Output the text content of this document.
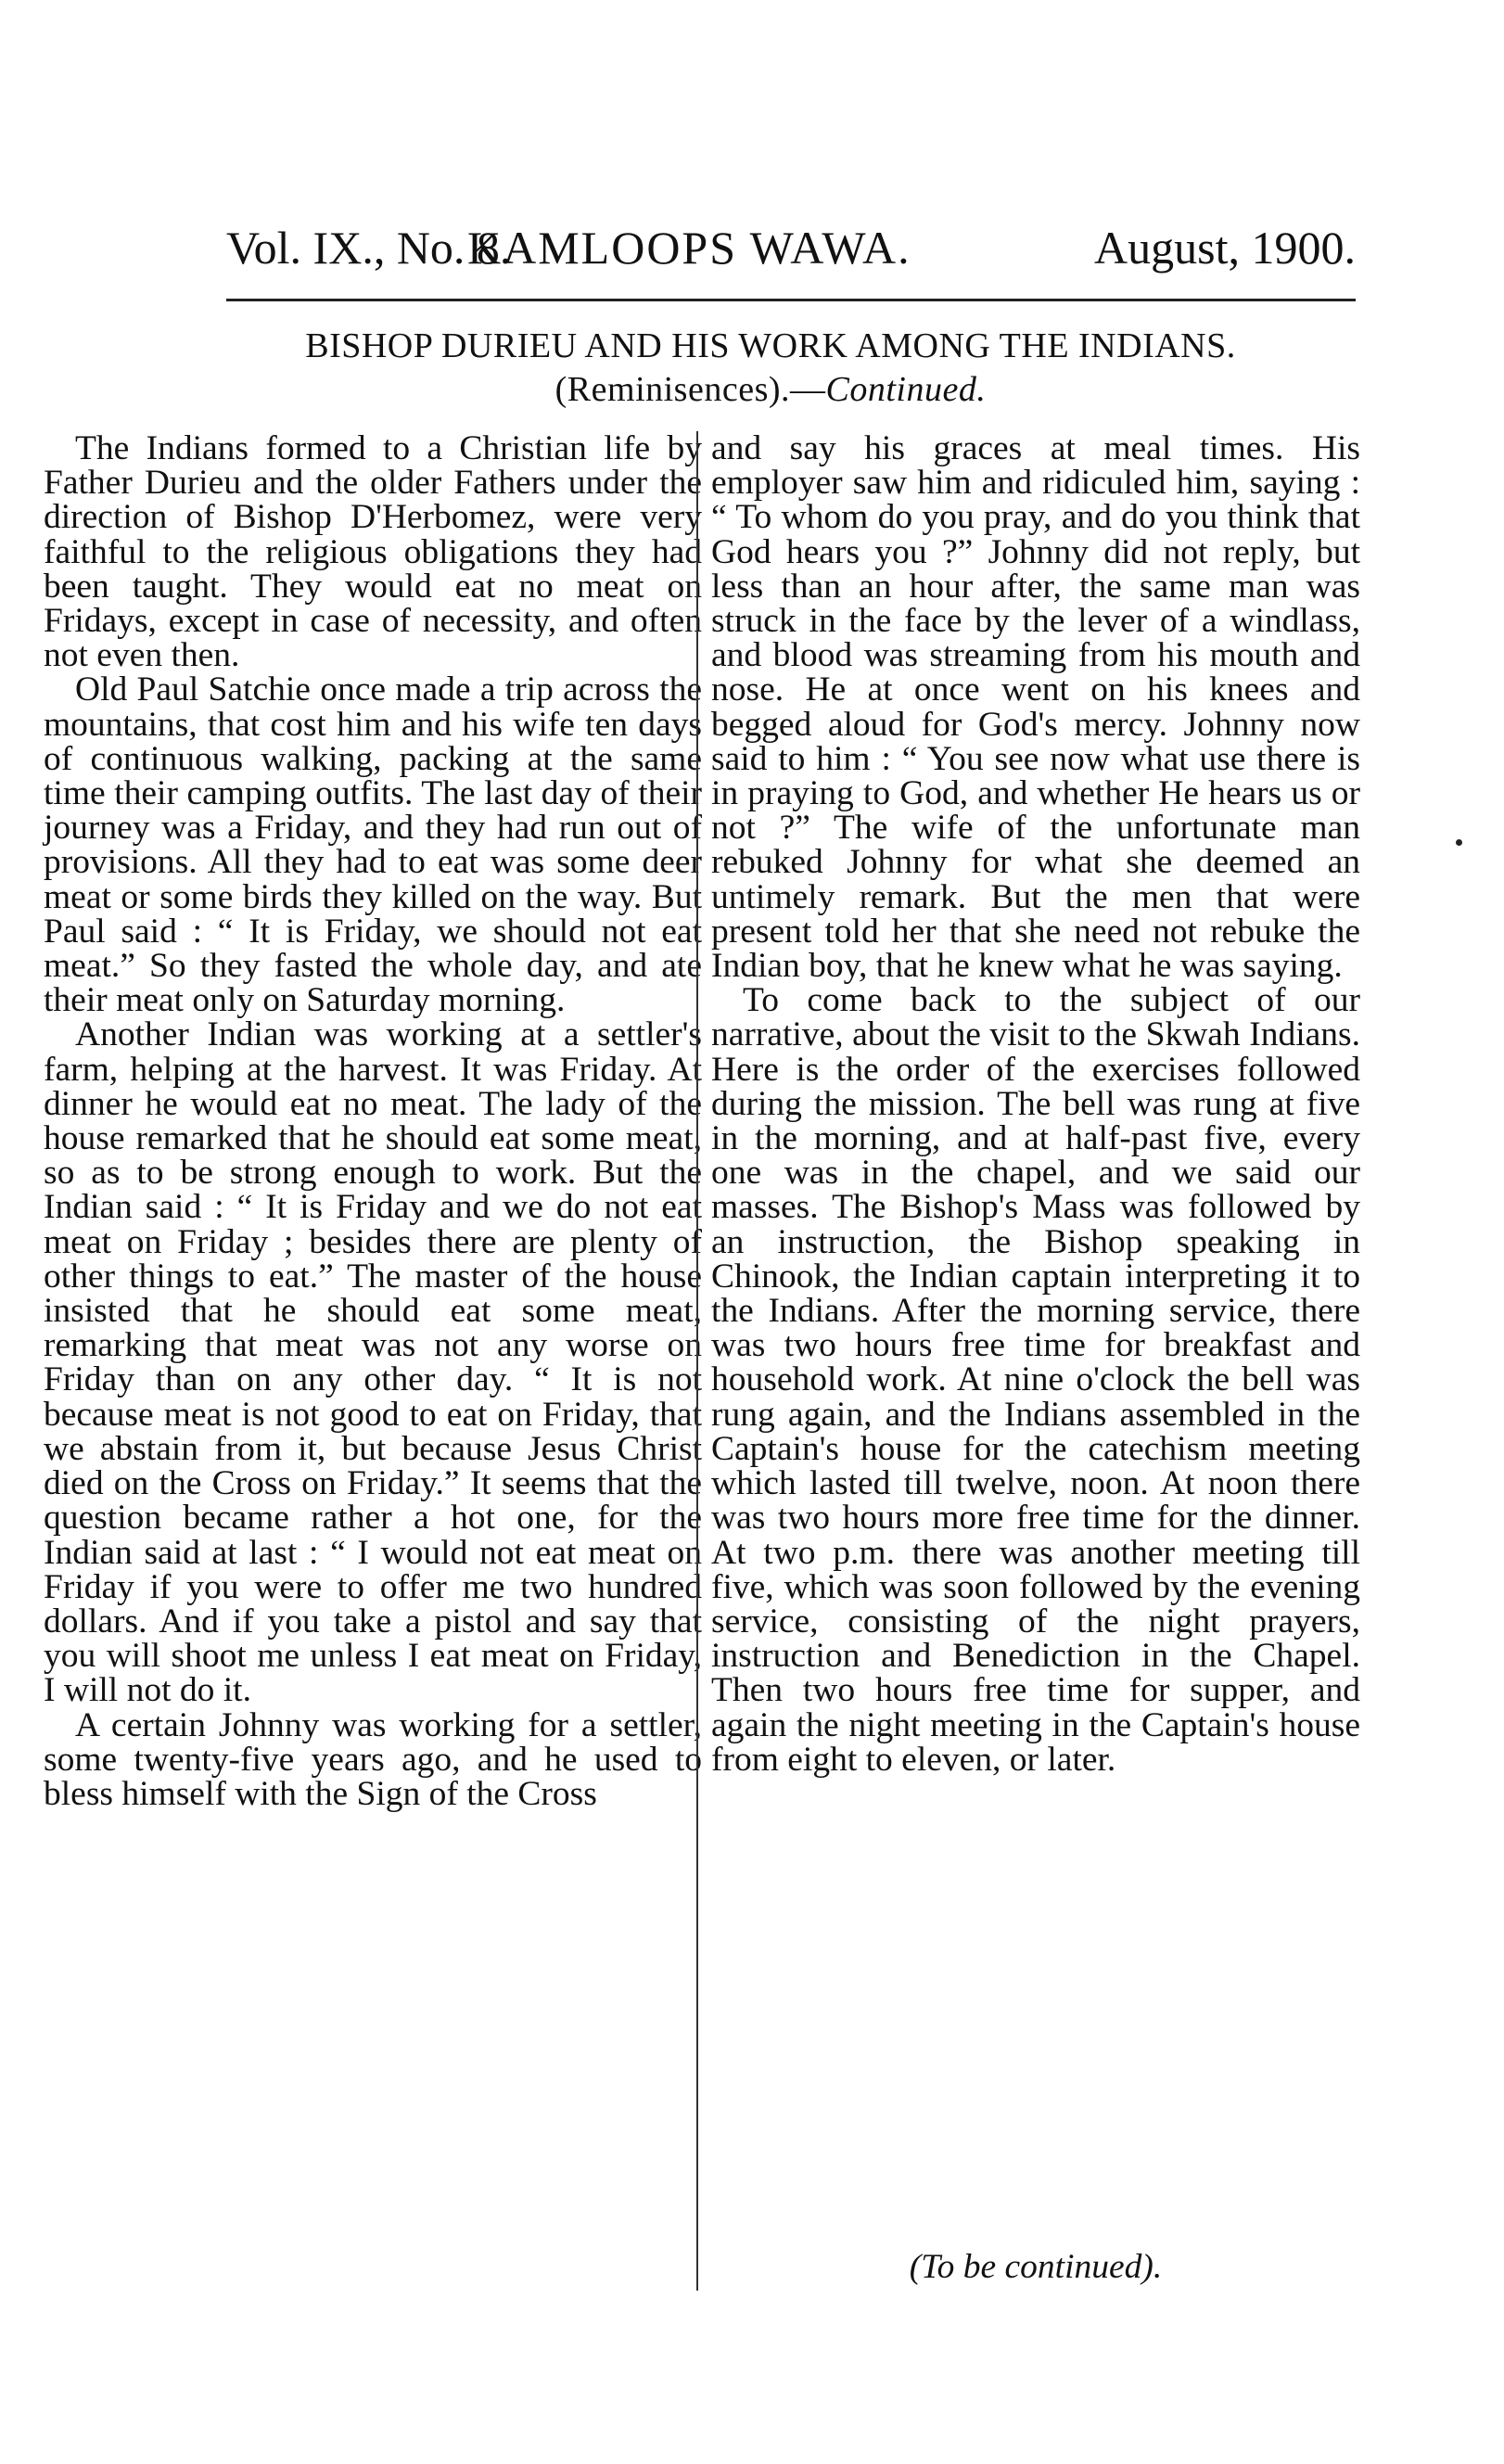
Vol. IX., No. 8.
KAMLOOPS WAWA.	August, 1900.
BISHOP DURIEU AND HIS WORK AMONG THE INDIANS. (Reminisences).—Continued.

The Indians formed to a Christian life by Father Durieu and the older Fathers under the direction of Bishop D'Herbomez, were very faithful to the religious obligations they had been taught. They would eat no meat on Fridays, except in case of necessity, and often not even then.

Old Paul Satchie once made a trip across the mountains, that cost him and his wife ten days of continuous walking, packing at the same time their camping outfits. The last day of their journey was a Friday, and they had run out of provisions. All they had to eat was some deer meat or some birds they killed on the way. But Paul said : “ It is Friday, we should not eat meat.” So they fasted the whole day, and ate their meat only on Saturday morning.

Another Indian was working at a settler's farm, helping at the harvest. It was Friday. At dinner he would eat no meat. The lady of the house remarked that he should eat some meat, so as to be strong enough to work. But the Indian said : “ It is Friday and we do not eat meat on Friday ; besides there are plenty of other things to eat.” The master of the house insisted that he should eat some meat, remarking that meat was not any worse on Friday than on any other day. “ It is not because meat is not good to eat on Friday, that we abstain from it, but because Jesus Christ died on the Cross on Friday.” It seems that the question became rather a hot one, for the Indian said at last : “ I would not eat meat on Friday if you were to offer me two hundred dollars. And if you take a pistol and say that you will shoot me unless I eat meat on Friday, I will not do it.

A certain Johnny was working for a settler, some twenty-five years ago, and he used to bless himself with the Sign of the Cross

and say his graces at meal times. His employer saw him and ridiculed him, saying : “ To whom do you pray, and do you think that God hears you ?” Johnny did not reply, but less than an hour after, the same man was struck in the face by the lever of a windlass, and blood was streaming from his mouth and nose. He at once went on his knees and begged aloud for God's mercy. Johnny now said to him : “ You see now what use there is in praying to God, and whether He hears us or not ?” The wife of the unfortunate man rebuked Johnny for what she deemed an untimely remark. But the men that were present told her that she need not rebuke the Indian boy, that he knew what he was saying.

To come back to the subject of our narrative, about the visit to the Skwah Indians. Here is the order of the exercises followed during the mission. The bell was rung at five in the morning, and at half-past five, every one was in the chapel, and we said our masses. The Bishop's Mass was followed by an instruction, the Bishop speaking in Chinook, the Indian captain interpreting it to the Indians. After the morning service, there was two hours free time for breakfast and household work. At nine o'clock the bell was rung again, and the Indians assembled in the Captain's house for the catechism meeting which lasted till twelve, noon. At noon there was two hours more free time for the dinner. At two p.m. there was another meeting till five, which was soon followed by the evening service, consisting of the night prayers, instruction and Benediction in the Chapel. Then two hours free time for supper, and again the night meeting in the Captain's house from eight to eleven, or later.

(To be continued).
